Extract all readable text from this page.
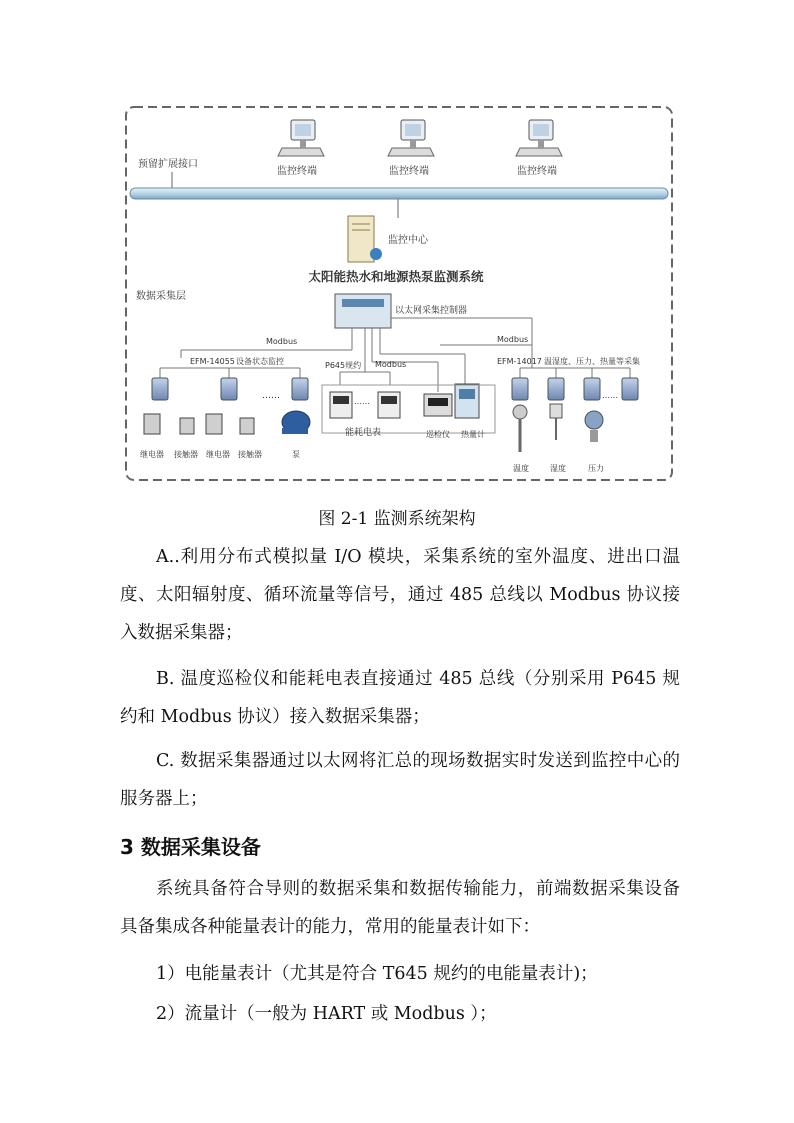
监控终端	监控终端	监控终端
预留扩展接口
监控中心
太阳能热水和地源热泵监测系统
数据采集层
以太网采集控制器
Modbus	Modbus
Modbus
P645规约
EFM-14055 设备状态监控	EFM-14017 温湿度、压力、热量等采集
……
继电器 接触器 继电器 接触器	泵
……
能耗电表	巡检仪 热量计
……
温度	湿度	压力
图 2-1 监测系统架构

A..利用分布式模拟量 I/O 模块，采集系统的室外温度、进出口温度、太阳辐射度、循环流量等信号，通过 485 总线以 Modbus 协议接入数据采集器；

B. 温度巡检仪和能耗电表直接通过 485 总线（分别采用 P645 规约和 Modbus 协议）接入数据采集器；

C. 数据采集器通过以太网将汇总的现场数据实时发送到监控中心的服务器上；

3 数据采集设备

系统具备符合导则的数据采集和数据传输能力，前端数据采集设备具备集成各种能量表计的能力，常用的能量表计如下：

1）电能量表计（尤其是符合 T645 规约的电能量表计)；

2）流量计（一般为 HART 或 Modbus ）；
